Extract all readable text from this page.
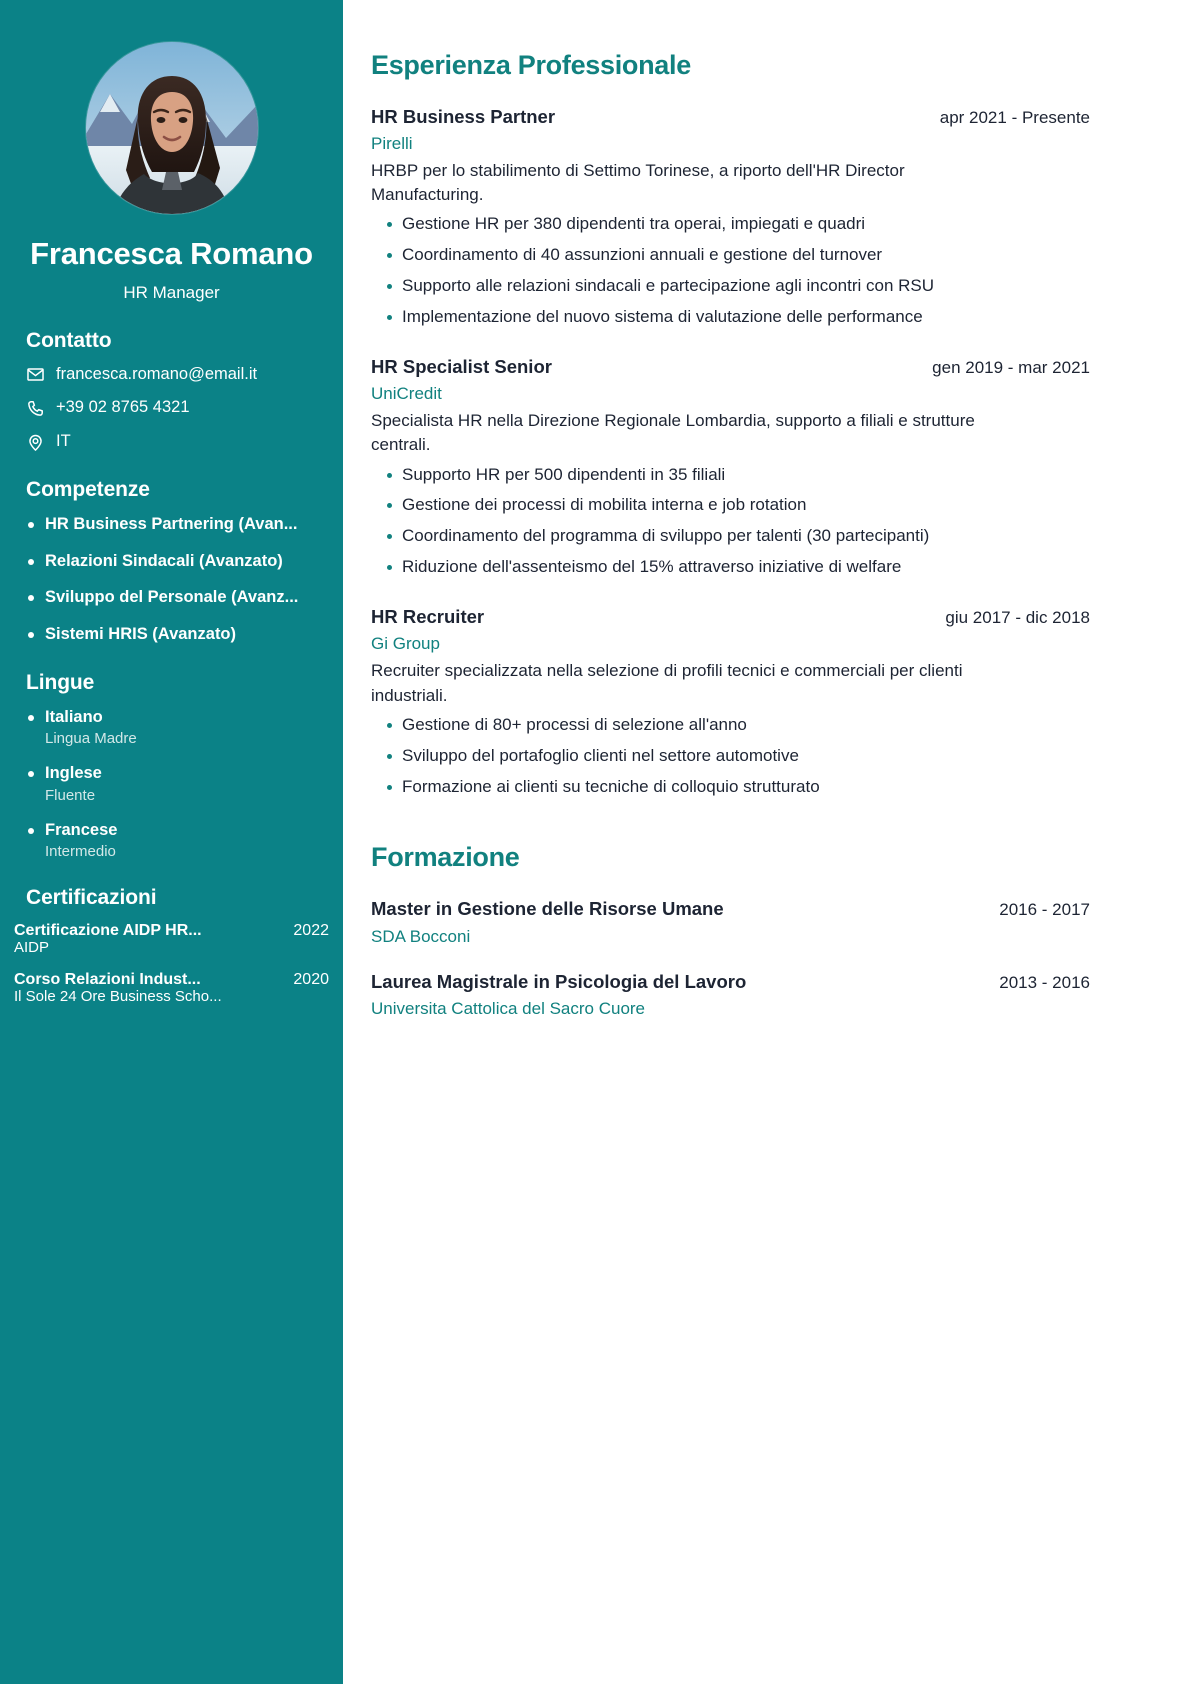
Francesca Romano
HR Manager
Contatto
francesca.romano@email.it
+39 02 8765 4321
IT
Competenze
HR Business Partnering (Avan...
Relazioni Sindacali (Avanzato)
Sviluppo del Personale (Avanz...
Sistemi HRIS (Avanzato)
Lingue
Italiano
Lingua Madre
Inglese
Fluente
Francese
Intermedio
Certificazioni
Certificazione AIDP HR...	2022
AIDP
Corso Relazioni Indust...	2020
Il Sole 24 Ore Business Scho...
Esperienza Professionale
HR Business Partner	apr 2021 - Presente
Pirelli

HRBP per lo stabilimento di Settimo Torinese, a riporto dell'HR Director Manufacturing.

Gestione HR per 380 dipendenti tra operai, impiegati e quadri
Coordinamento di 40 assunzioni annuali e gestione del turnover
Supporto alle relazioni sindacali e partecipazione agli incontri con RSU
Implementazione del nuovo sistema di valutazione delle performance
HR Specialist Senior	gen 2019 - mar 2021
UniCredit

Specialista HR nella Direzione Regionale Lombardia, supporto a filiali e strutture centrali.

Supporto HR per 500 dipendenti in 35 filiali
Gestione dei processi di mobilita interna e job rotation
Coordinamento del programma di sviluppo per talenti (30 partecipanti)
Riduzione dell'assenteismo del 15% attraverso iniziative di welfare
HR Recruiter	giu 2017 - dic 2018
Gi Group

Recruiter specializzata nella selezione di profili tecnici e commerciali per clienti industriali.

Gestione di 80+ processi di selezione all'anno
Sviluppo del portafoglio clienti nel settore automotive
Formazione ai clienti su tecniche di colloquio strutturato
Formazione
Master in Gestione delle Risorse Umane	2016 - 2017
SDA Bocconi
Laurea Magistrale in Psicologia del Lavoro	2013 - 2016
Universita Cattolica del Sacro Cuore
